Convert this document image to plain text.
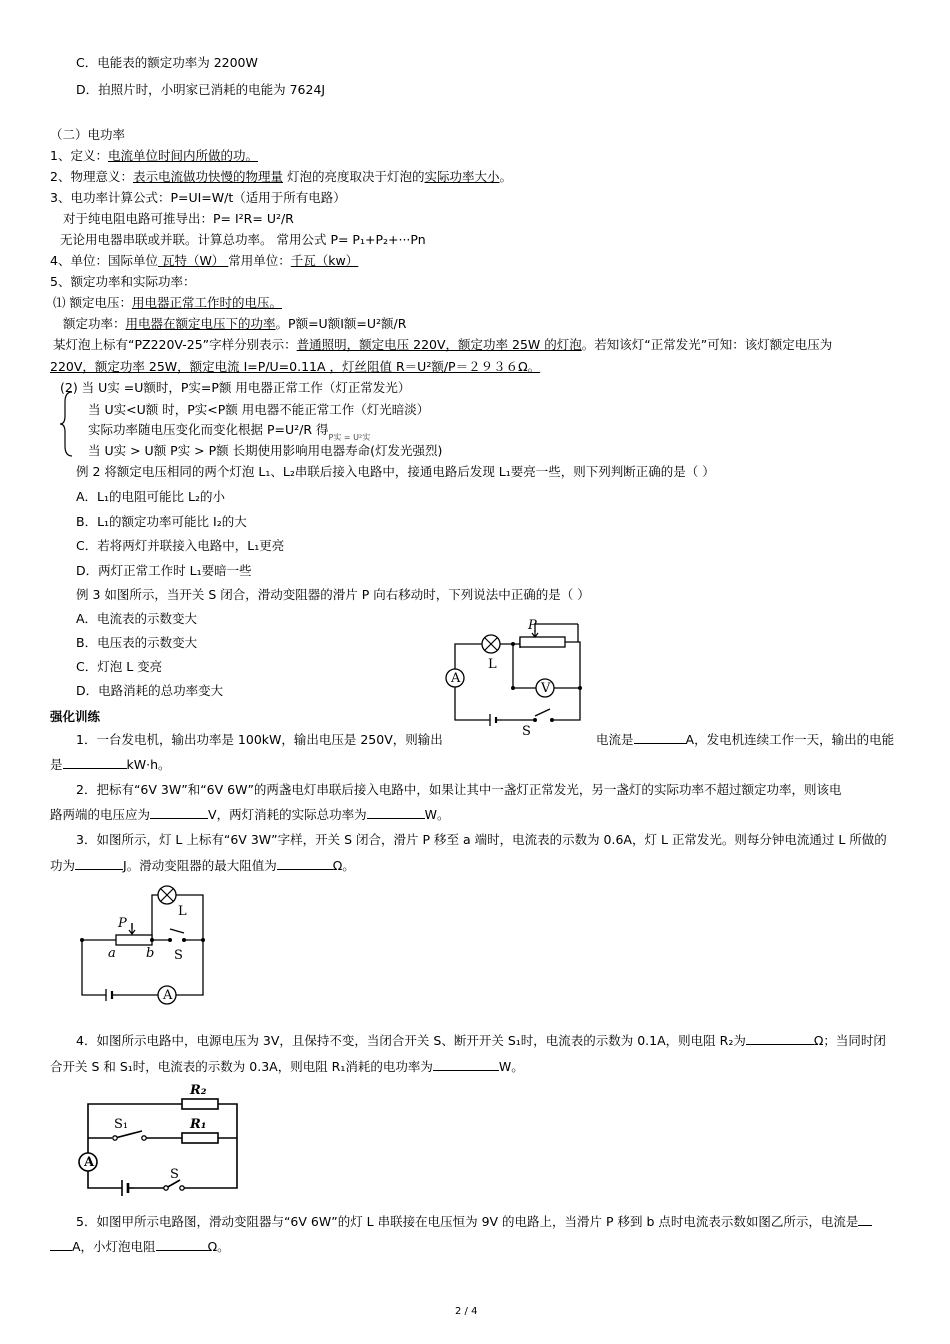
C．电能表的额定功率为 2200W
D．拍照片时，小明家已消耗的电能为 7624J
（二）电功率
1、定义：电流单位时间内所做的功。
2、物理意义：表示电流做功快慢的物理量 灯泡的亮度取决于灯泡的实际功率大小。
3、电功率计算公式：P=UI=W/t（适用于所有电路）
对于纯电阻电路可推导出：P= I²R= U²/R
无论用电器串联或并联。计算总功率。 常用公式 P= P₁+P₂+···Pn
4、单位：国际单位 瓦特（W） 常用单位：千瓦（kw）
5、额定功率和实际功率：
⑴ 额定电压：用电器正常工作时的电压。
额定功率：用电器在额定电压下的功率。P额=U额I额=U²额/R
某灯泡上标有“PZ220V-25”字样分别表示：普通照明，额定电压 220V，额定功率 25W 的灯泡。若知该灯“正常发光”可知：该灯额定电压为
220V，额定功率 25W，额定电流 I=P/U=0.11A ，灯丝阻值 R＝U²额/P＝２９３６Ω。
(2) 当 U实 =U额时，P实=P额 用电器正常工作（灯正常发光）
当 U实<U额 时，P实<P额 用电器不能正常工作（灯光暗淡）
实际功率随电压变化而变化根据 P=U²/R 得$_{P实 = U^2实}$
当 U实 > U额 P实 > P额 长期使用影响用电器寿命(灯发光强烈)
例 2 将额定电压相同的两个灯泡 L₁、L₂串联后接入电路中，接通电路后发现 L₁要亮一些，则下列判断正确的是（ ）
A．L₁的电阻可能比 L₂的小
B．L₁的额定功率可能比 I₂的大
C．若将两灯并联接入电路中，L₁更亮
D．两灯正常工作时 L₁要暗一些
例 3 如图所示，当开关 S 闭合，滑动变阻器的滑片 P 向右移动时，下列说法中正确的是（ ）
A．电流表的示数变大
B．电压表的示数变大
C．灯泡 L 变亮
D．电路消耗的总功率变大
A
V
L
P
S
强化训练
1．一台发电机，输出功率是 100kW，输出电压是 250V，则输出	电流是	A，发电机连续工作一天，输出的电能
是	kW·h。
2．把标有“6V 3W”和“6V 6W”的两盏电灯串联后接入电路中，如果让其中一盏灯正常发光，另一盏灯的实际功率不超过额定功率，则该电
路两端的电压应为	V，两灯消耗的实际总功率为	W。
3．如图所示，灯 L 上标有“6V 3W”字样，开关 S 闭合，滑片 P 移至 a 端时，电流表的示数为 0.6A，灯 L 正常发光。则每分钟电流通过 L 所做的
功为	J。滑动变阻器的最大阻值为	Ω。
A
L
P
a b S
4．如图所示电路中，电源电压为 3V，且保持不变，当闭合开关 S、断开开关 S₁时，电流表的示数为 0.1A，则电阻 R₂为	Ω；当同时闭
合开关 S 和 S₁时，电流表的示数为 0.3A，则电阻 R₁消耗的电功率为	W。
A
R₂
R₁
S₁
S
5．如图甲所示电路图，滑动变阻器与“6V 6W”的灯 L 串联接在电压恒为 9V 的电路上，当滑片 P 移到 b 点时电流表示数如图乙所示，电流是
A，小灯泡电阻	Ω。
2 / 4
